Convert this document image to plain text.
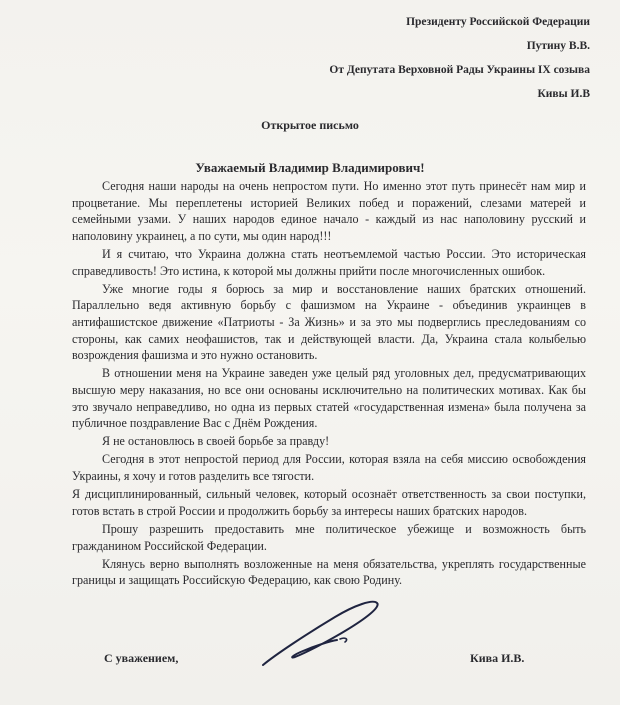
Президенту Российской Федерации
Путину В.В.
От Депутата Верховной Рады Украины IX созыва
Кивы И.В
Открытое письмо
Уважаемый Владимир Владимирович!

Сегодня наши народы на очень непростом пути. Но именно этот путь принесёт нам мир и процветание. Мы переплетены историей Великих побед и поражений, слезами матерей и семейными узами. У наших народов единое начало - каждый из нас наполовину русский и наполовину украинец, а по сути, мы один народ!!!

И я считаю, что Украина должна стать неотъемлемой частью России. Это историческая справедливость! Это истина, к которой мы должны прийти после многочисленных ошибок.

Уже многие годы я борюсь за мир и восстановление наших братских отношений. Параллельно ведя активную борьбу с фашизмом на Украине - объединив украинцев в антифашистское движение «Патриоты - За Жизнь» и за это мы подверглись преследованиям со стороны, как самих неофашистов, так и действующей власти. Да, Украина стала колыбелью возрождения фашизма и это нужно остановить.

В отношении меня на Украине заведен уже целый ряд уголовных дел, предусматривающих высшую меру наказания, но все они основаны исключительно на политических мотивах. Как бы это звучало неправедливо, но одна из первых статей «государственная измена» была получена за публичное поздравление Вас с Днём Рождения.

Я не остановлюсь в своей борьбе за правду!

Сегодня в этот непростой период для России, которая взяла на себя миссию освобождения Украины, я хочу и готов разделить все тягости.

Я дисциплинированный, сильный человек, который осознаёт ответственность за свои поступки, готов встать в строй России и продолжить борьбу за интересы наших братских народов.

Прошу разрешить предоставить мне политическое убежище и возможность быть гражданином Российской Федерации.

Клянусь верно выполнять возложенные на меня обязательства, укреплять государственные границы и защищать Российскую Федерацию, как свою Родину.

С уважением,	Кива И.В.
